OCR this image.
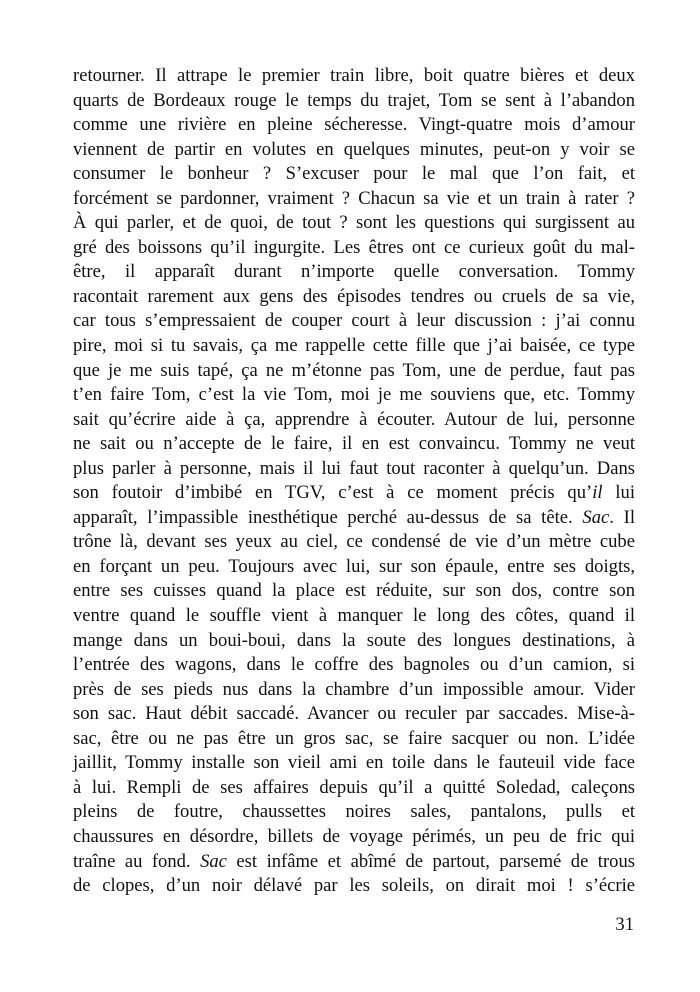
retourner. Il attrape le premier train libre, boit quatre bières et deux
quarts de Bordeaux rouge le temps du trajet, Tom se sent à l’abandon
comme une rivière en pleine sécheresse. Vingt-quatre mois d’amour
viennent de partir en volutes en quelques minutes, peut-on y voir se
consumer le bonheur ? S’excuser pour le mal que l’on fait, et
forcément se pardonner, vraiment ? Chacun sa vie et un train à rater ?
À qui parler, et de quoi, de tout ? sont les questions qui surgissent au
gré des boissons qu’il ingurgite. Les êtres ont ce curieux goût du mal-
être, il apparaît durant n’importe quelle conversation. Tommy
racontait rarement aux gens des épisodes tendres ou cruels de sa vie,
car tous s’empressaient de couper court à leur discussion : j’ai connu
pire, moi si tu savais, ça me rappelle cette fille que j’ai baisée, ce type
que je me suis tapé, ça ne m’étonne pas Tom, une de perdue, faut pas
t’en faire Tom, c’est la vie Tom, moi je me souviens que, etc. Tommy
sait qu’écrire aide à ça, apprendre à écouter. Autour de lui, personne
ne sait ou n’accepte de le faire, il en est convaincu. Tommy ne veut
plus parler à personne, mais il lui faut tout raconter à quelqu’un. Dans
son foutoir d’imbibé en TGV, c’est à ce moment précis qu’il lui
apparaît, l’impassible inesthétique perché au-dessus de sa tête. Sac. Il
trône là, devant ses yeux au ciel, ce condensé de vie d’un mètre cube
en forçant un peu. Toujours avec lui, sur son épaule, entre ses doigts,
entre ses cuisses quand la place est réduite, sur son dos, contre son
ventre quand le souffle vient à manquer le long des côtes, quand il
mange dans un boui-boui, dans la soute des longues destinations, à
l’entrée des wagons, dans le coffre des bagnoles ou d’un camion, si
près de ses pieds nus dans la chambre d’un impossible amour. Vider
son sac. Haut débit saccadé. Avancer ou reculer par saccades. Mise-à-
sac, être ou ne pas être un gros sac, se faire sacquer ou non. L’idée
jaillit, Tommy installe son vieil ami en toile dans le fauteuil vide face
à lui. Rempli de ses affaires depuis qu’il a quitté Soledad, caleçons
pleins de foutre, chaussettes noires sales, pantalons, pulls et
chaussures en désordre, billets de voyage périmés, un peu de fric qui
traîne au fond. Sac est infâme et abîmé de partout, parsemé de trous
de clopes, d’un noir délavé par les soleils, on dirait moi ! s’écrie
31
